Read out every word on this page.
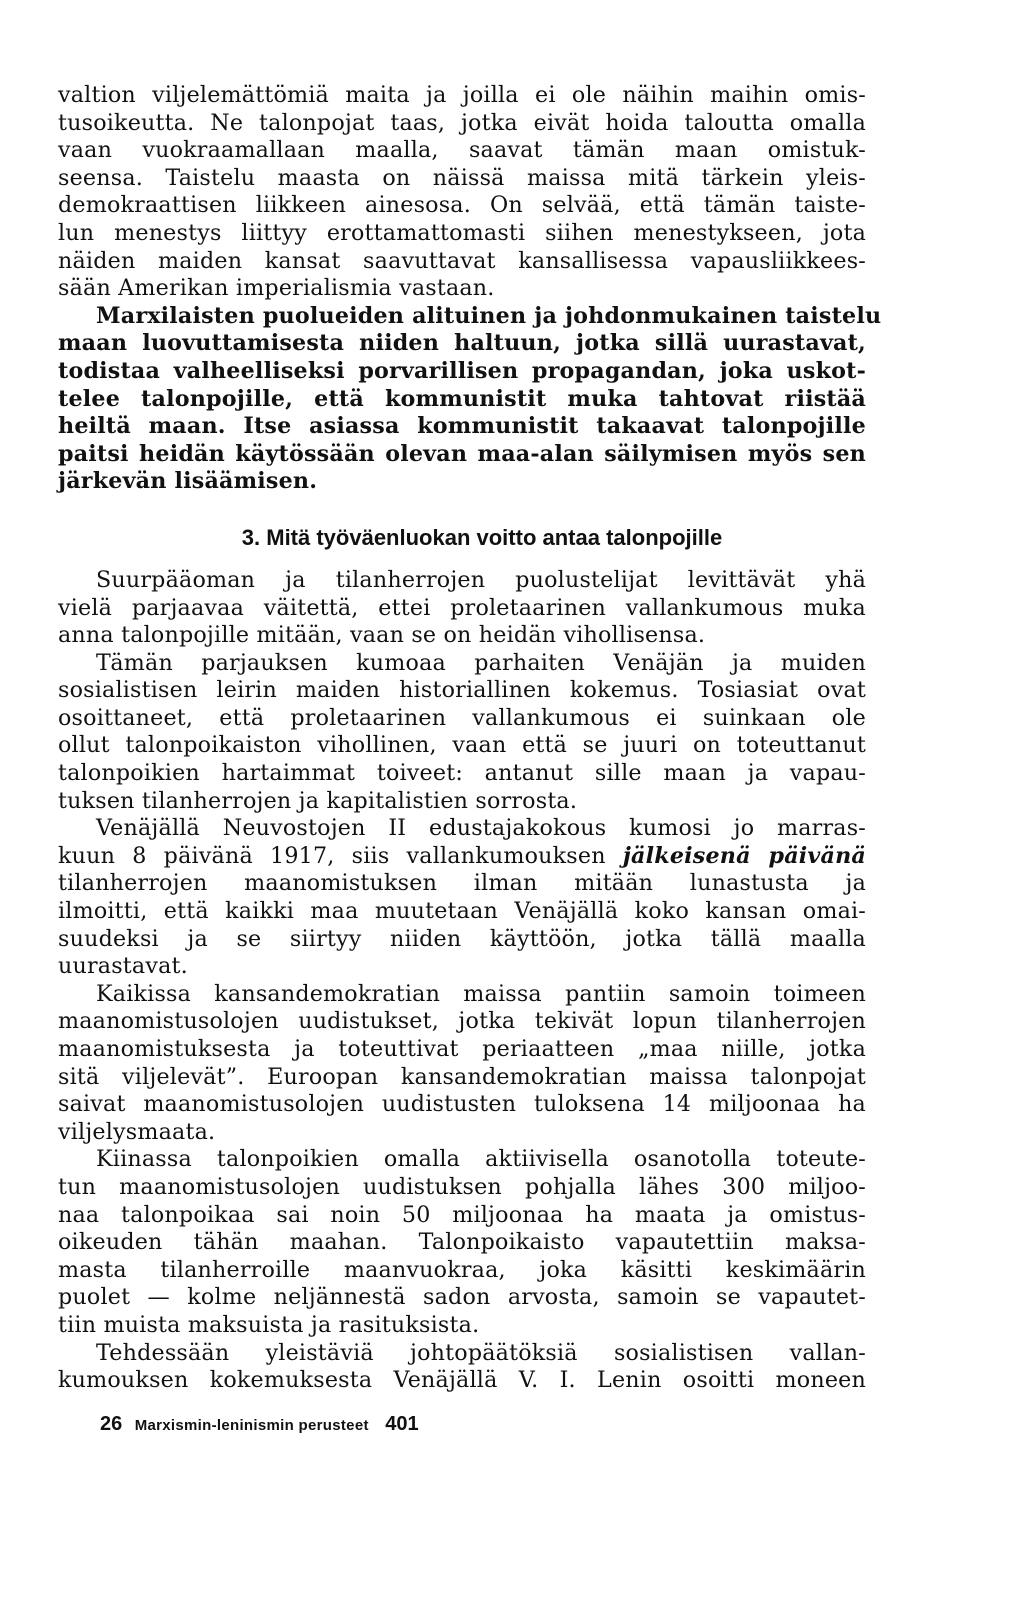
valtion viljelemättömiä maita ja joilla ei ole näihin maihin omis-
tusoikeutta. Ne talonpojat taas, jotka eivät hoida taloutta omalla
vaan vuokraamallaan maalla, saavat tämän maan omistuk-
seensa. Taistelu maasta on näissä maissa mitä tärkein yleis-
demokraattisen liikkeen ainesosa. On selvää, että tämän taiste-
lun menestys liittyy erottamattomasti siihen menestykseen, jota
näiden maiden kansat saavuttavat kansallisessa vapausliikkees-
sään Amerikan imperialismia vastaan.
Marxilaisten puolueiden alituinen ja johdonmukainen taistelu
maan luovuttamisesta niiden haltuun, jotka sillä uurastavat,
todistaa valheelliseksi porvarillisen propagandan, joka uskot-
telee talonpojille, että kommunistit muka tahtovat riistää
heiltä maan. Itse asiassa kommunistit takaavat talonpojille
paitsi heidän käytössään olevan maa-alan säilymisen myös sen
järkevän lisäämisen.
3. Mitä työväenluokan voitto antaa talonpojille
Suurpääoman ja tilanherrojen puolustelijat levittävät yhä
vielä parjaavaa väitettä, ettei proletaarinen vallankumous muka
anna talonpojille mitään, vaan se on heidän vihollisensa.
Tämän parjauksen kumoaa parhaiten Venäjän ja muiden
sosialistisen leirin maiden historiallinen kokemus. Tosiasiat ovat
osoittaneet, että proletaarinen vallankumous ei suinkaan ole
ollut talonpoikaiston vihollinen, vaan että se juuri on toteuttanut
talonpoikien hartaimmat toiveet: antanut sille maan ja vapau-
tuksen tilanherrojen ja kapitalistien sorrosta.
Venäjällä Neuvostojen II edustajakokous kumosi jo marras-
kuun 8 päivänä 1917, siis vallankumouksen jälkeisenä päivänä
tilanherrojen maanomistuksen ilman mitään lunastusta ja
ilmoitti, että kaikki maa muutetaan Venäjällä koko kansan omai-
suudeksi ja se siirtyy niiden käyttöön, jotka tällä maalla
uurastavat.
Kaikissa kansandemokratian maissa pantiin samoin toimeen
maanomistusolojen uudistukset, jotka tekivät lopun tilanherrojen
maanomistuksesta ja toteuttivat periaatteen „maa niille, jotka
sitä viljelevät”. Euroopan kansandemokratian maissa talonpojat
saivat maanomistusolojen uudistusten tuloksena 14 miljoonaa ha
viljelysmaata.
Kiinassa talonpoikien omalla aktiivisella osanotolla toteute-
tun maanomistusolojen uudistuksen pohjalla lähes 300 miljoo-
naa talonpoikaa sai noin 50 miljoonaa ha maata ja omistus-
oikeuden tähän maahan. Talonpoikaisto vapautettiin maksa-
masta tilanherroille maanvuokraa, joka käsitti keskimäärin
puolet — kolme neljännestä sadon arvosta, samoin se vapautet-
tiin muista maksuista ja rasituksista.
Tehdessään yleistäviä johtopäätöksiä sosialistisen vallan-
kumouksen kokemuksesta Venäjällä V. I. Lenin osoitti moneen
26 Marxismin-leninismin perusteet 401
